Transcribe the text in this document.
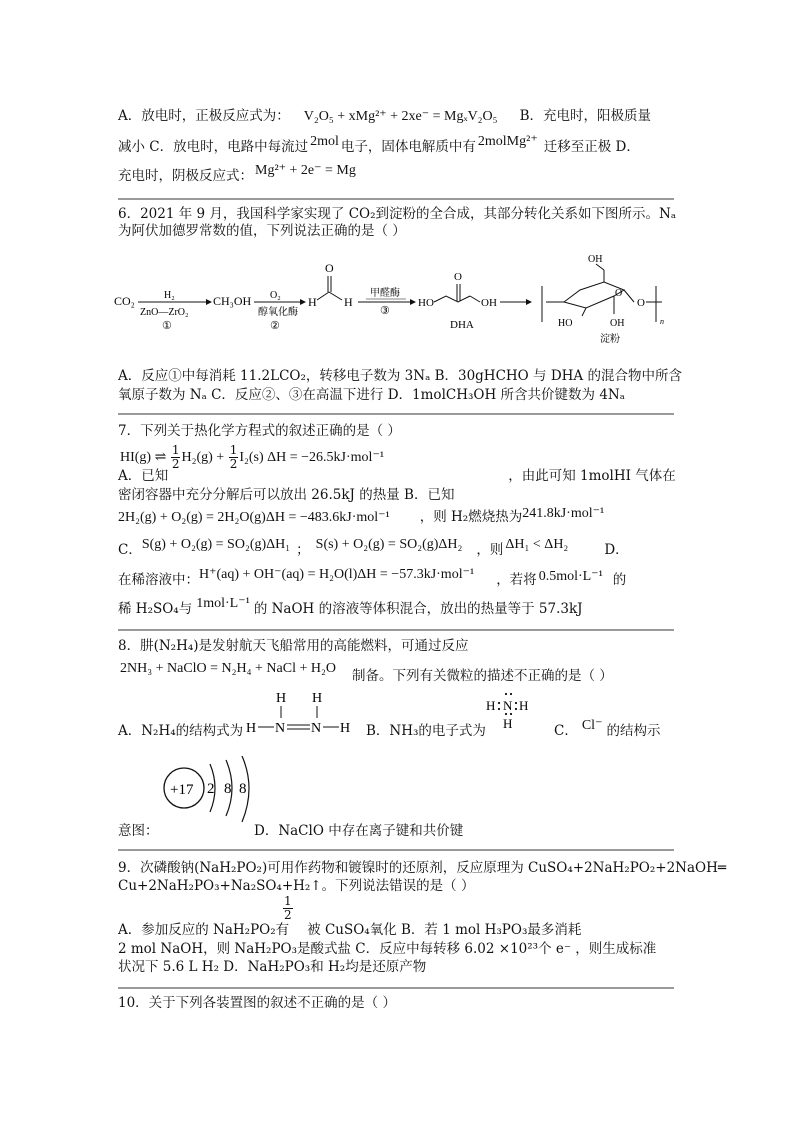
A．放电时，正极反应式为： V₂O₅ + xMg²⁺ + 2xe⁻ = MgₓV₂O₅ B．充电时，阳极质量
减小 C．放电时，电路中每流过 2mol 电子，固体电解质中有 2molMg²⁺ 迁移至正极 D．
充电时，阴极反应式： Mg²⁺ + 2e⁻ = Mg
6．2021 年 9 月，我国科学家实现了 CO₂到淀粉的全合成，其部分转化关系如下图所示。Nₐ
为阿伏加德罗常数的值，下列说法正确的是（ ）
CO₂	H₂
ZnO—ZrO₂
①
CH₃OH O₂
醇氧化酶
②
H H
O
甲醛酶
③
HO
O
OH
DHA
OH
O
HO	OH
O
n
淀粉
A．反应①中每消耗 11.2LCO₂，转移电子数为 3Nₐ B．30gHCHO 与 DHA 的混合物中所含
氧原子数为 Nₐ C．反应②、③在高温下进行 D．1molCH₃OH 所含共价键数为 4Nₐ
7．下列关于热化学方程式的叙述正确的是（ ）
HI(g) ⇌ $\frac{1}{2} H_2(g) + \frac{1}{2} I_2(s) \Delta H = -26.5kJ\cdot mol^{-1}$
A．已知	，由此可知 1molHI 气体在
密闭容器中充分分解后可以放出 26.5kJ 的热量 B．已知
2H₂(g) + O₂(g) = 2H₂O(g)ΔH = −483.6kJ·mol⁻¹ ，则 H₂燃烧热为241.8kJ·mol⁻¹
C．S(g) + O₂(g) = SO₂(g)ΔH₁ ； S(s) + O₂(g) = SO₂(g)ΔH₂ ，则 ΔH₁ < ΔH₂	D．
在稀溶液中：H⁺(aq) + OH⁻(aq) = H₂O(l)ΔH = −57.3kJ·mol⁻¹ ，若将 0.5mol·L⁻¹ 的
稀 H₂SO₄与 1mol·L⁻¹ 的 NaOH 的溶液等体积混合，放出的热量等于 57.3kJ
8．肼(N₂H₄)是发射航天飞船常用的高能燃料，可通过反应
2NH₃ + NaClO = N₂H₄ + NaCl + H₂O 制备。下列有关微粒的描述不正确的是（ ）
A．N₂H₄的结构式为
H H
H N N H B．NH₃的电子式为
H N H
H	C． Cl⁻ 的结构示
+17 2 8 8
意图：	D．NaClO 中存在离子键和共价键
9．次磷酸钠(NaH₂PO₂)可用作药物和镀镍时的还原剂，反应原理为 CuSO₄+2NaH₂PO₂+2NaOH═
Cu+2NaH₂PO₃+Na₂SO₄+H₂↑。下列说法错误的是（ ）
$\frac{1}{2}$
A．参加反应的 NaH₂PO₂有 被 CuSO₄氧化 B．若 1 mol H₃PO₃最多消耗
2 mol NaOH，则 NaH₂PO₃是酸式盐 C．反应中每转移 6.02 ×10²³个 e⁻ ，则生成标准
状况下 5.6 L H₂ D．NaH₂PO₃和 H₂均是还原产物
10．关于下列各装置图的叙述不正确的是（ ）
